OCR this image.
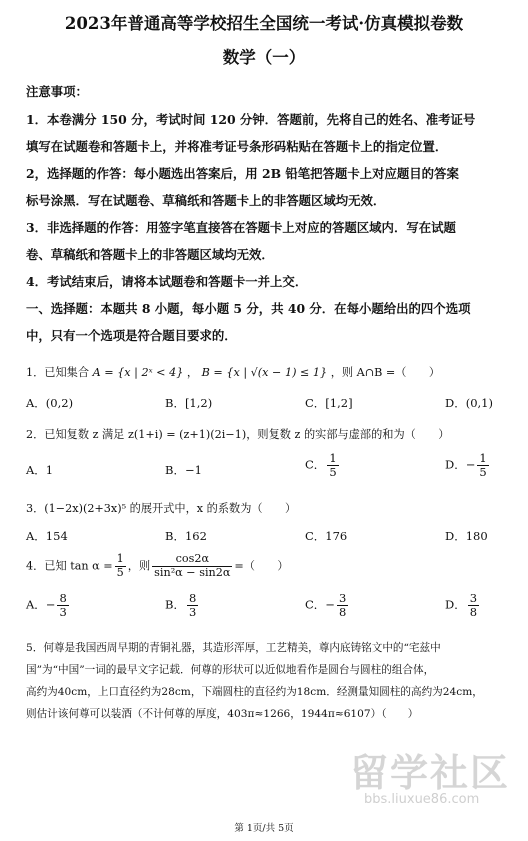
2023年普通高等学校招生全国统一考试·仿真模拟卷数
数学（一）
注意事项：
1．本卷满分 150 分，考试时间 120 分钟．答题前，先将自己的姓名、准考证号
填写在试题卷和答题卡上，并将准考证号条形码粘贴在答题卡上的指定位置．
2，选择题的作答：每小题选出答案后，用 2B 铅笔把答题卡上对应题目的答案
标号涂黑．写在试题卷、草稿纸和答题卡上的非答题区域均无效．
3．非选择题的作答：用签字笔直接答在答题卡上对应的答题区域内．写在试题
卷、草稿纸和答题卡上的非答题区域均无效．
4．考试结束后，请将本试题卷和答题卡一并上交．
一、选择题：本题共 8 小题，每小题 5 分，共 40 分．在每小题给出的四个选项
中，只有一个选项是符合题目要求的．
1．已知集合 A = {x | 2ˣ < 4} ， B = {x | √(x − 1) ≤ 1} ，则 A∩B =（　　）
A．(0,2)	B．[1,2)	C．[1,2]	D．(0,1)
2．已知复数 z 满足 z(1+i) = (z+1)(2i−1)，则复数 z 的实部与虚部的和为（　　）
A．1	B．−1	C． $\frac{1}{5}$	D．− $\frac{1}{5}$
3．(1−2x)(2+3x)⁵ 的展开式中，x 的系数为（　　）
A．154	B．162	C．176	D．180
4．已知 $\tan \alpha = \frac{1}{5}$ ，则 $\frac{\cos 2\alpha}{\text{sin²α − sin2α}}$ =（　　）
A．− $\frac{8}{3}$	B． $\frac{8}{3}$	C．− $\frac{3}{8}$	D． $\frac{3}{8}$
5．何尊是我国西周早期的青铜礼器，其造形浑厚，工艺精美，尊内底铸铭文中的“宅兹中
国”为“中国”一词的最早文字记载．何尊的形状可以近似地看作是圆台与圆柱的组合体，
高约为40cm，上口直径约为28cm，下端圆柱的直径约为18cm．经测量知圆柱的高约为24cm，
则估计该何尊可以装酒（不计何尊的厚度，403π≈1266，1944π≈6107）（　　）
留学社区
bbs.liuxue86.com
第 1页/共 5页
